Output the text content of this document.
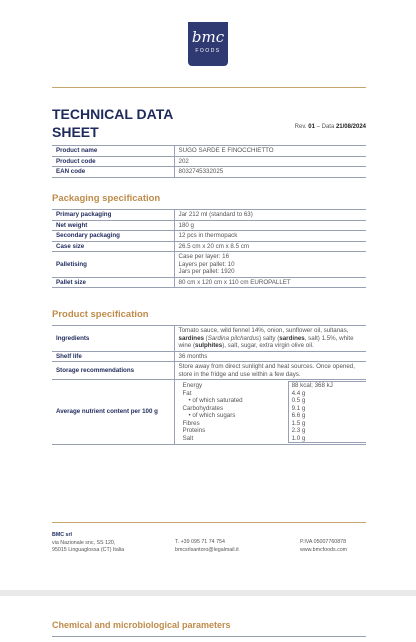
bmc
FOODS
TECHNICAL DATA
SHEET	Rev. 01 – Data 21/08/2024
Product name	SUGO SARDE E FINOCCHIETTO
Product code	202
EAN code	8032745332025
Packaging specification
Primary packaging	Jar 212 ml (standard to 63)
Net weight	180 g
Secondary packaging	12 pcs in thermopack
Case size	26.5 cm x 20 cm x 8.5 cm
Palletising	Case per layer: 16
Layers per pallet: 10
Jars per pallet: 1920

Pallet size	80 cm x 120 cm x 110 cm EUROPALLET
Product specification
Ingredients	Tomato sauce, wild fennel 14%, onion, sunflower oil, sultanas, sardines (Sardina pilchardus) salty (sardines, salt) 1.5%, white wine (sulphites), salt, sugar, extra virgin olive oil.
Shelf life	36 months
Storage recommendations	Store away from direct sunlight and heat sources. Once opened, store in the fridge and use within a few days.
Average nutrient content per 100 g	
Energy	88 kcal; 368 kJ
Fat	4.4 g
• of which saturated	0.5 g
Carbohydrates	9.1 g
• of which sugars	6.6 g
Fibres	1.5 g
Proteins	2.3 g
Salt	1.0 g
BMC srl
via Nazionale snc, SS 120,
95015 Linguaglossa (CT) Italia
T. +39 095 71 74 754
bmcsrlsantoro@legalmail.it
P.IVA 05007760878
www.bmcfoods.com
Chemical and microbiological parameters
